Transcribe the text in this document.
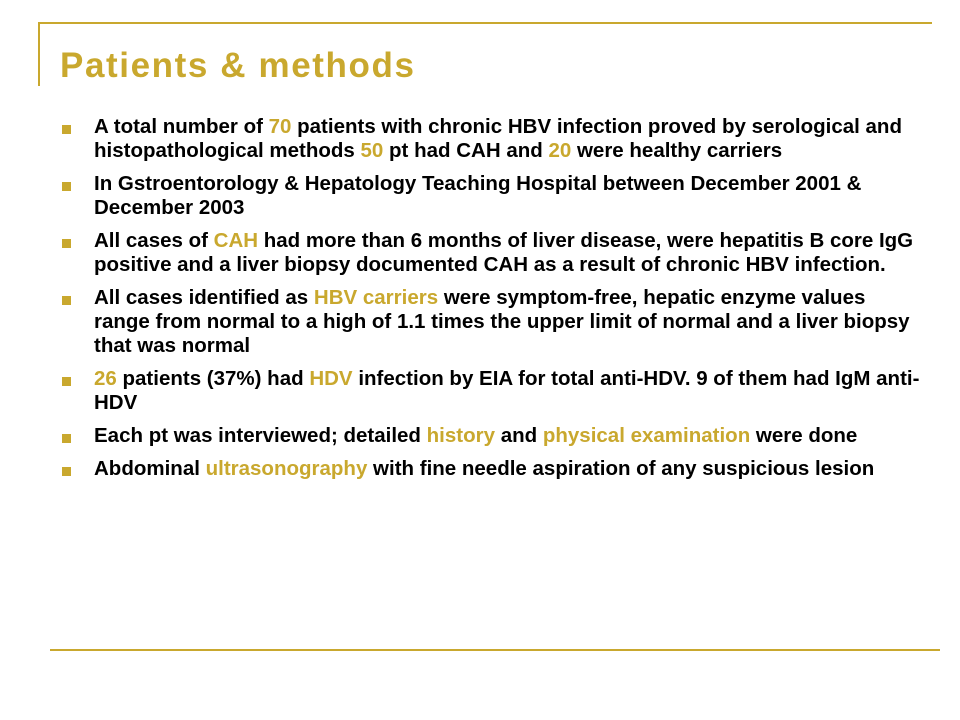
Patients & methods
A total number of 70 patients with chronic HBV infection proved by serological and histopathological methods 50 pt had CAH and 20 were healthy carriers
In Gstroentorology & Hepatology Teaching Hospital between December 2001 & December 2003
All cases of CAH had more than 6 months of liver disease, were hepatitis B core IgG positive and a liver biopsy documented CAH as a result of chronic HBV infection.
All cases identified as HBV carriers were symptom-free, hepatic enzyme values range from normal to a high of 1.1 times the upper limit of normal and a liver biopsy that was normal
26 patients (37%) had HDV infection by EIA for total anti-HDV. 9 of them had IgM anti- HDV
Each pt was interviewed; detailed history and physical examination were done
Abdominal ultrasonography with fine needle aspiration of any suspicious lesion
